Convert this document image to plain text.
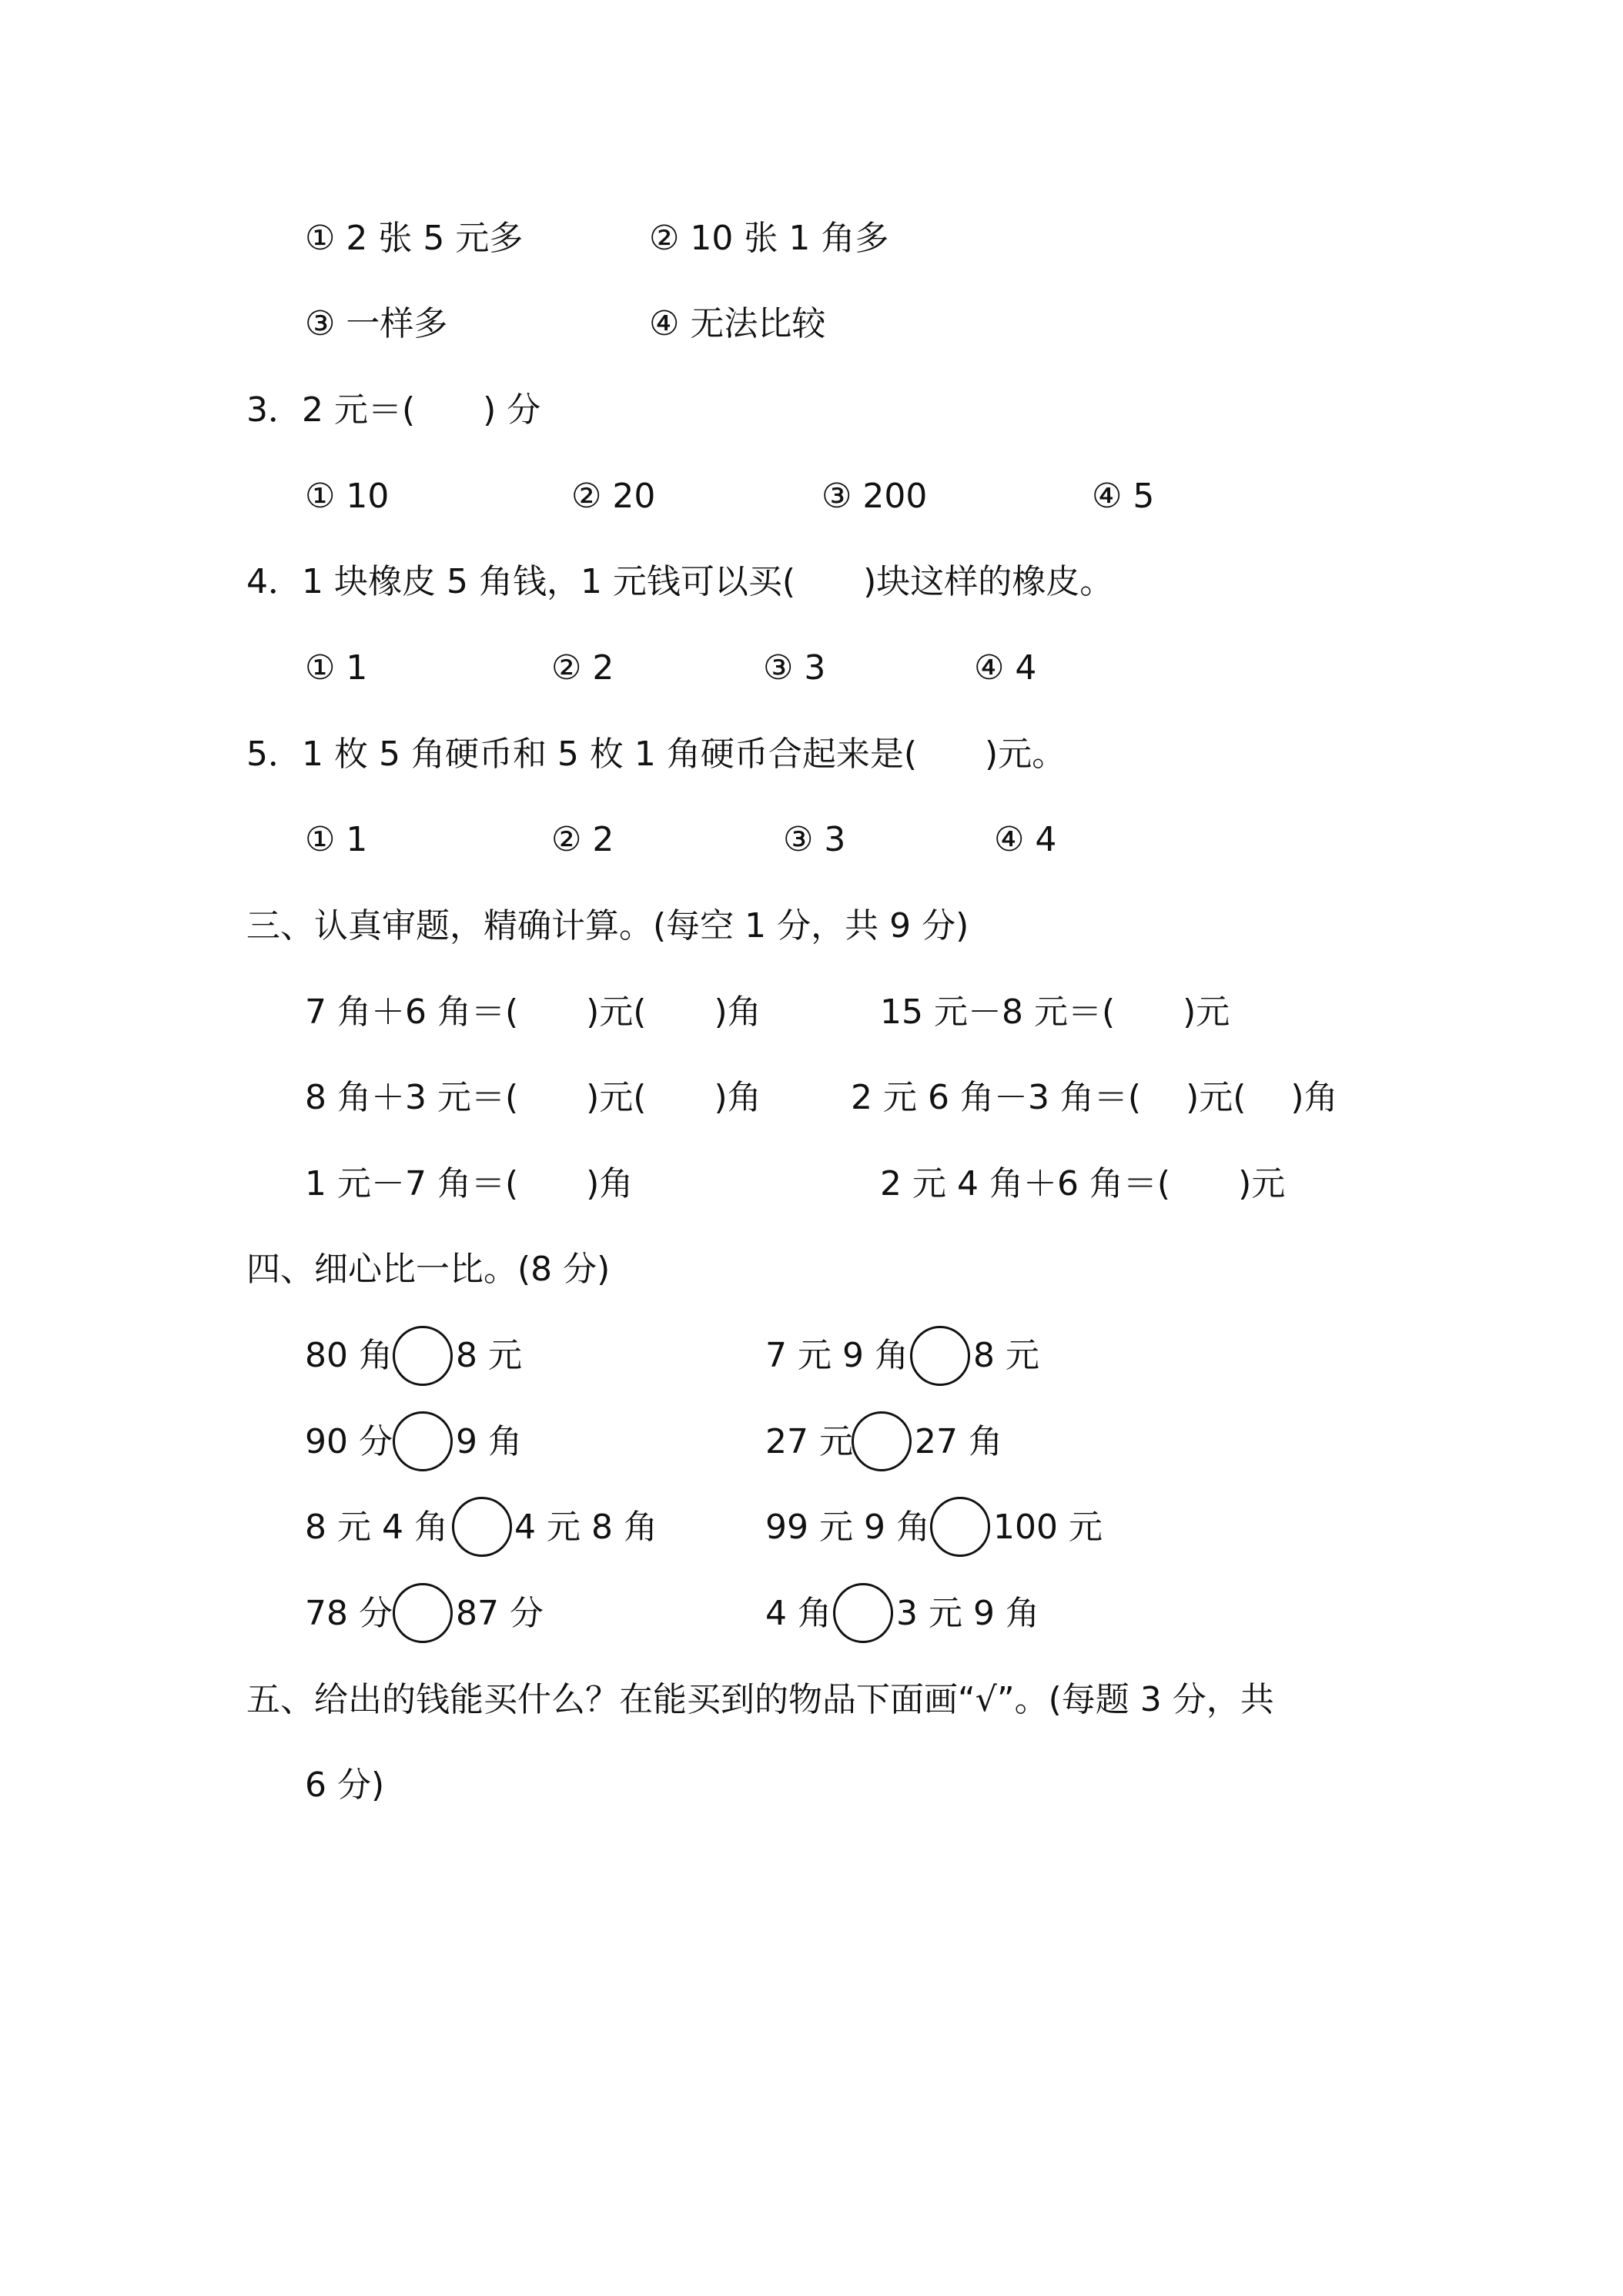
① 2 张 5 元多	② 10 张 1 角多
③ 一样多	④ 无法比较
3．2 元＝(　　) 分
① 10	② 20	③ 200	④ 5
4．1 块橡皮 5 角钱，1 元钱可以买(　　)块这样的橡皮。
① 1	② 2	③ 3	④ 4
5．1 枚 5 角硬币和 5 枚 1 角硬币合起来是(　　)元。
① 1	② 2	③ 3	④ 4
三、认真审题，精确计算。(每空 1 分，共 9 分)
7 角＋6 角＝(　　)元(　　)角	15 元－8 元＝(　　)元
8 角＋3 元＝(　　)元(　　)角	2 元 6 角－3 角＝(　 )元(　 )角
1 元－7 角＝(　　)角	2 元 4 角＋6 角＝(　　)元
四、细心比一比。(8 分)
80 角 8 元	7 元 9 角 8 元
90 分 9 角	27 元 27 角
8 元 4 角 4 元 8 角	99 元 9 角 100 元
78 分 87 分	4 角 3 元 9 角
五、给出的钱能买什么？在能买到的物品下面画“√”。(每题 3 分，共
6 分)
